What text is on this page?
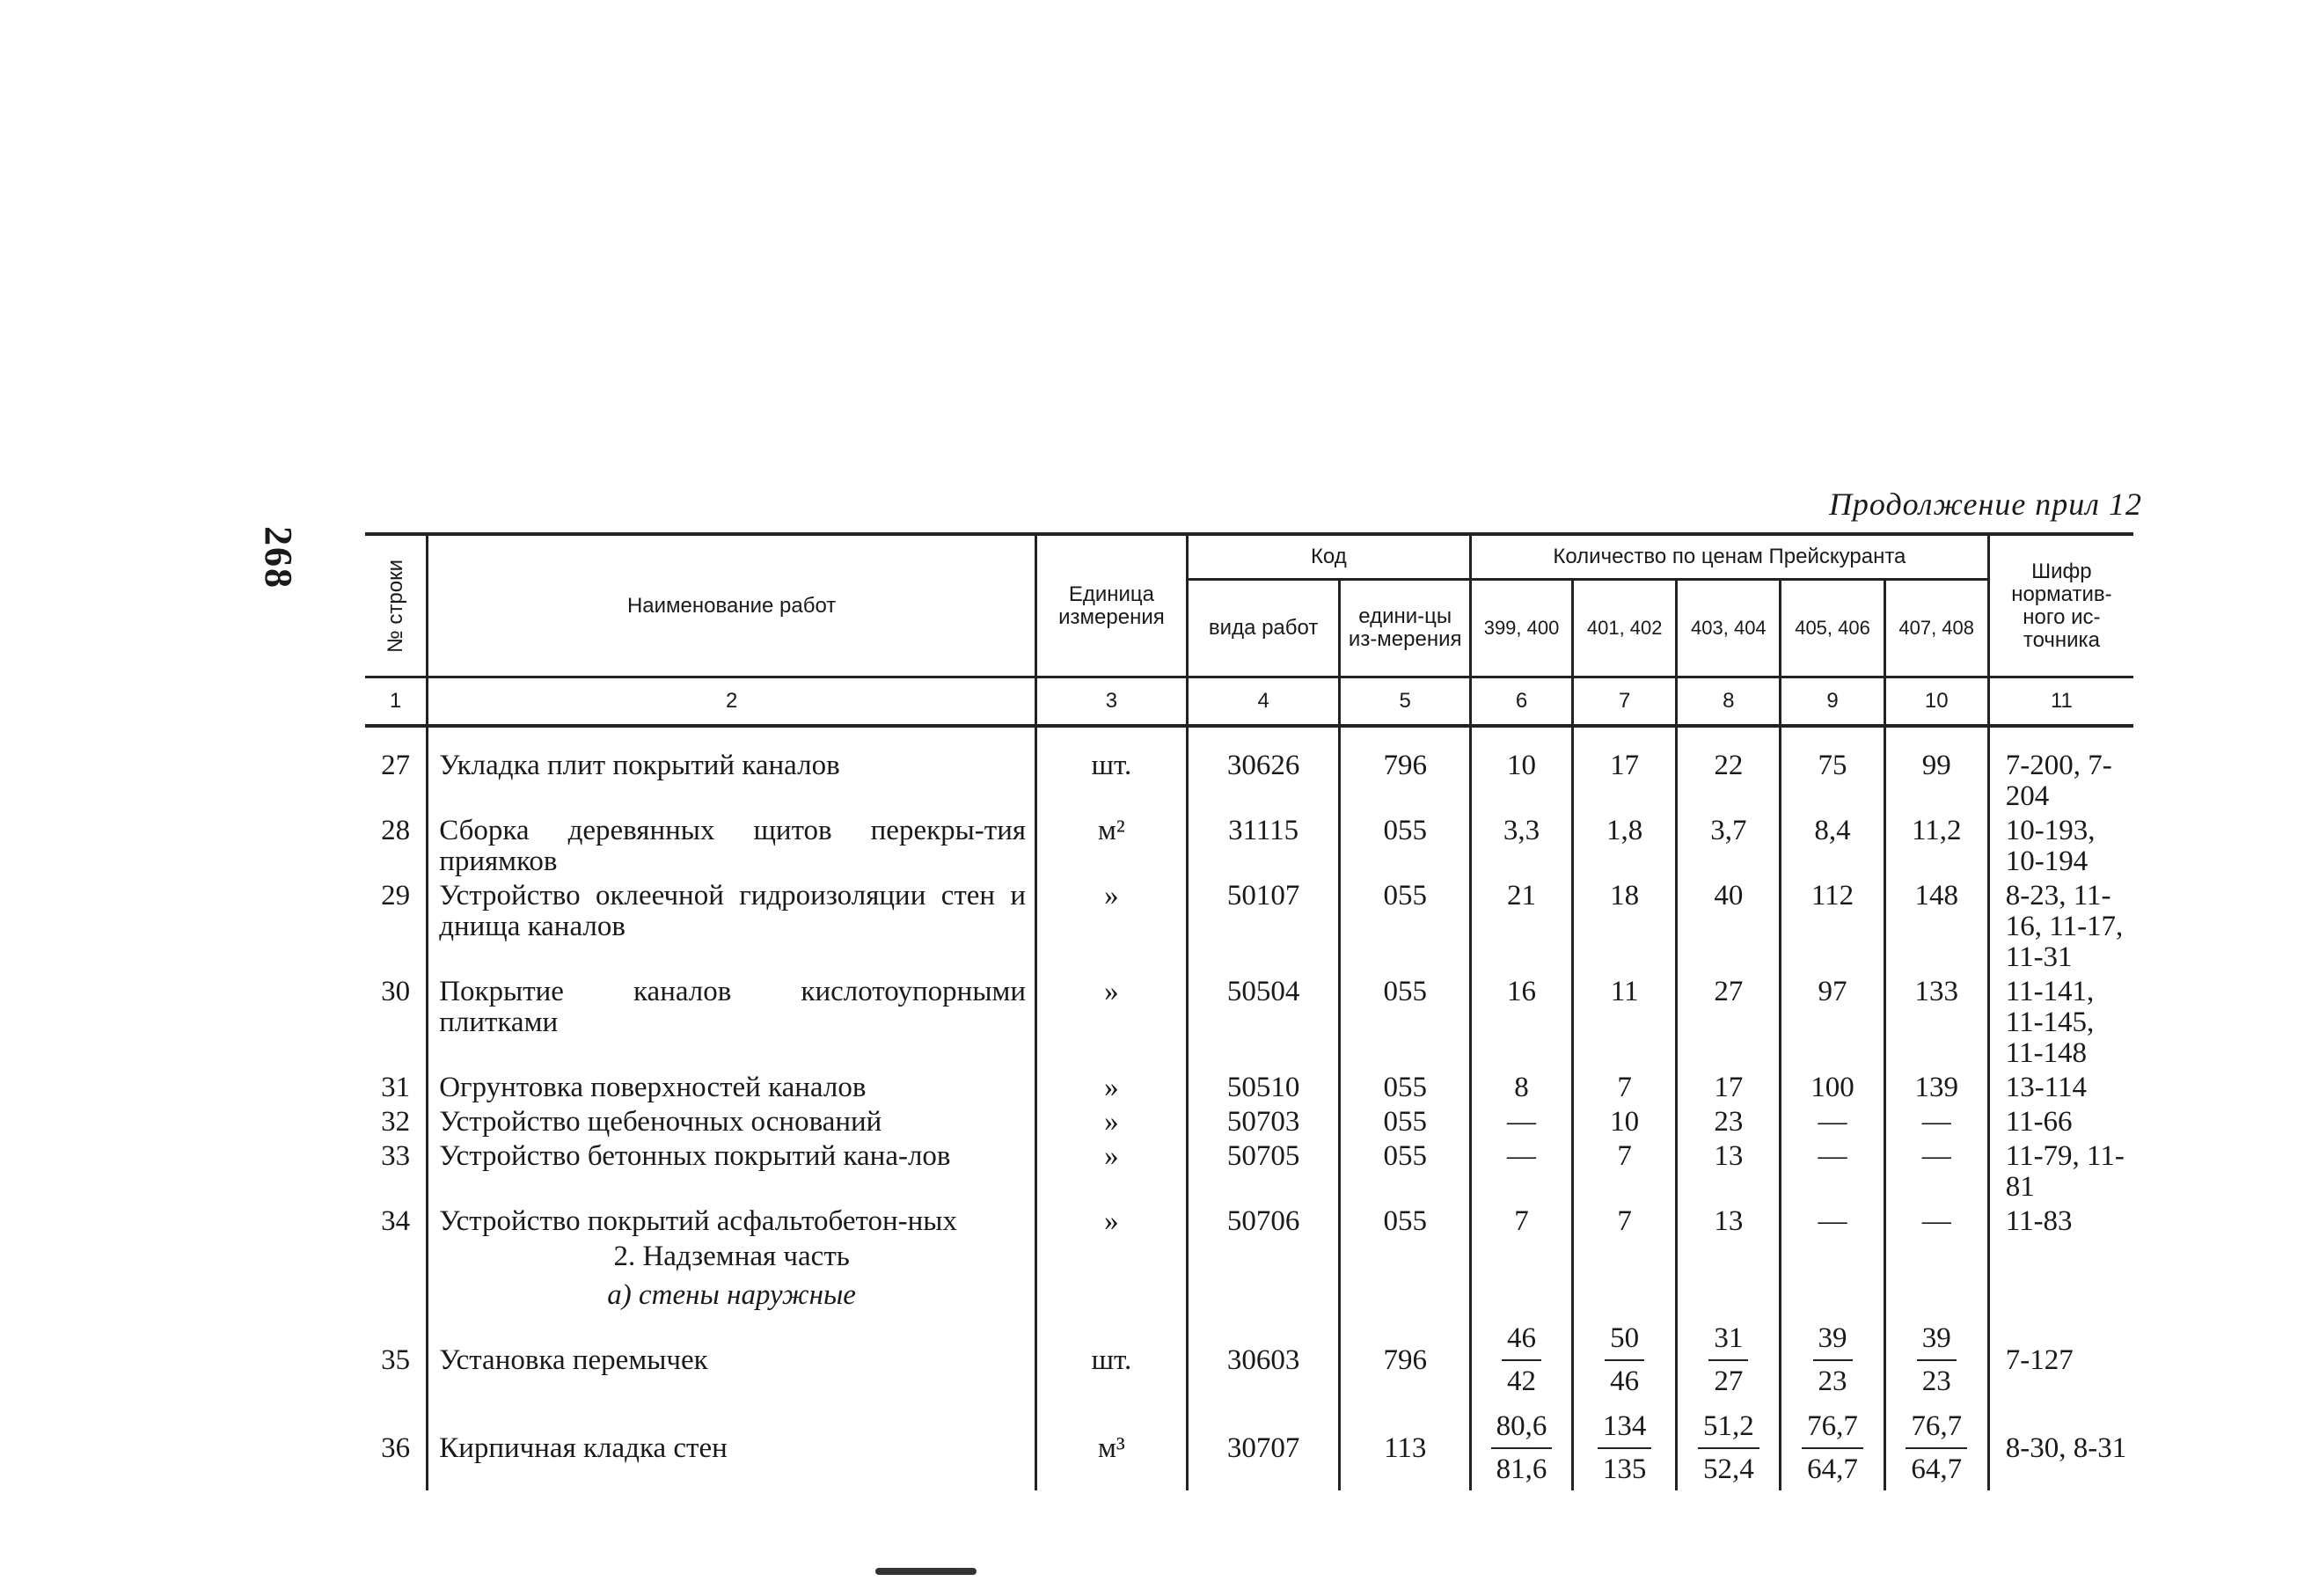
268
Продолжение прил 12
№ строки	Наименование работ	Единица измерения	Код		Количество по ценам Прейскуранта					Шифр норматив-ного ис-точника
			вида работ	едини-цы из-мерения	399, 400	401, 402	403, 404	405, 406	407, 408	
1	2	3	4	5	6	7	8	9	10	11

27	Укладка плит покрытий каналов	шт.	30626	796	10	17	22	75	99	7-200, 7-204
28	Сборка деревянных щитов перекры-тия приямков	м²	31115	055	3,3	1,8	3,7	8,4	11,2	10-193, 10-194
29	Устройство оклеечной гидроизоляции стен и днища каналов	»	50107	055	21	18	40	112	148	8-23, 11-16, 11-17, 11-31
30	Покрытие каналов кислотоупорными плитками	»	50504	055	16	11	27	97	133	11-141, 11-145, 11-148
31	Огрунтовка поверхностей каналов	»	50510	055	8	7	17	100	139	13-114
32	Устройство щебеночных оснований	»	50703	055	—	10	23	—	—	11-66
33	Устройство бетонных покрытий кана-лов	»	50705	055	—	7	13	—	—	11-79, 11-81
34	Устройство покрытий асфальтобетон-ных	»	50706	055	7	7	13	—	—	11-83
	2. Надземная часть									
	а) стены наружные									
35	Установка перемычек	шт.	30603	796	$\frac{46}{42}$	$\frac{50}{46}$	$\frac{31}{27}$	$\frac{39}{23}$	$\frac{39}{23}$	7-127
36	Кирпичная кладка стен	м³	30707	113	$\frac{80,6}{81,6}$	$\frac{134}{135}$	$\frac{51,2}{52,4}$	$\frac{76,7}{64,7}$	$\frac{76,7}{64,7}$	8-30, 8-31
